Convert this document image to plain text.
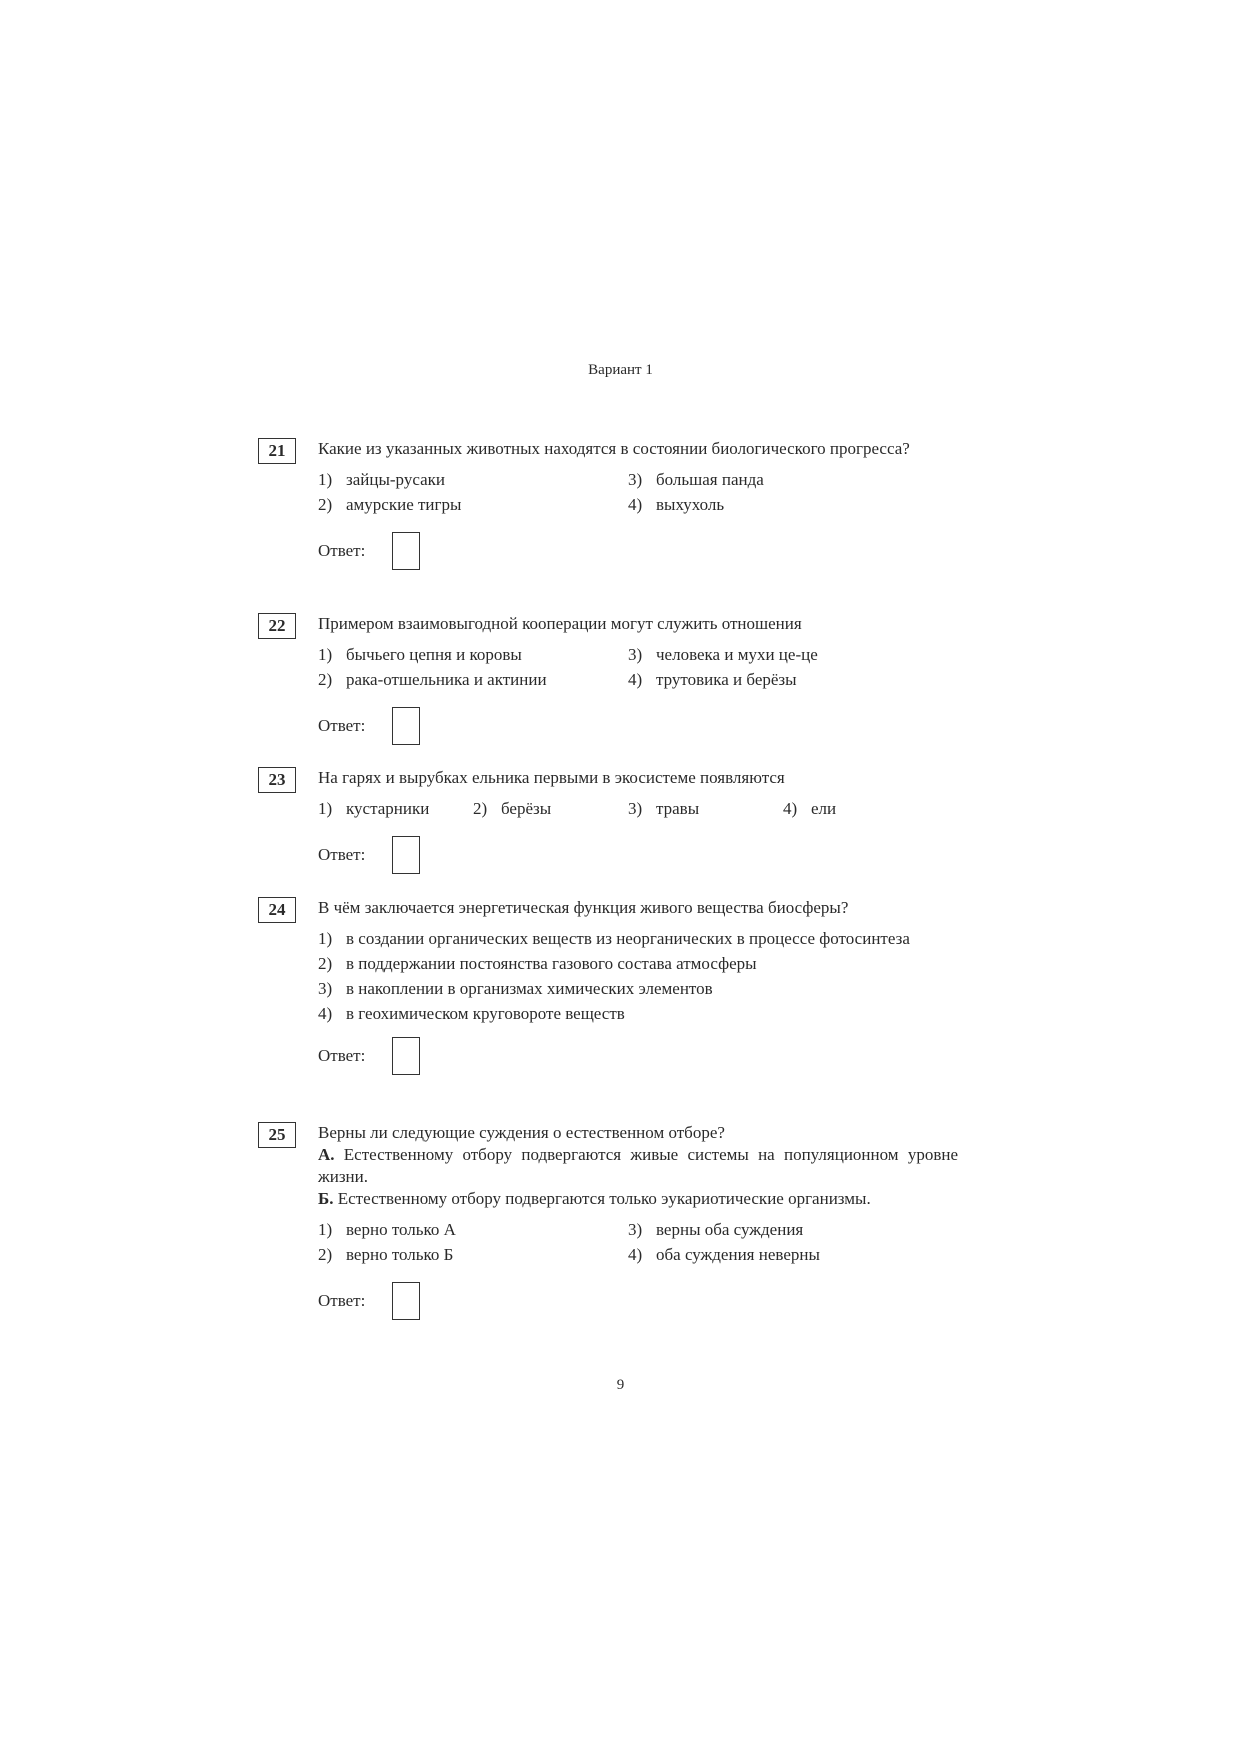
Вариант 1
21	Какие из указанных животных находятся в состоянии биологического прогресса?
1) зайцы-русаки	3) большая панда
2) амурские тигры	4) выхухоль
Ответ:
22	Примером взаимовыгодной кооперации могут служить отношения
1) бычьего цепня и коровы	3) человека и мухи це-це
2) рака-отшельника и актинии	4) трутовика и берёзы
Ответ:
23	На гарях и вырубках ельника первыми в экосистеме появляются
1) кустарники	2) берёзы	3) травы	4) ели
Ответ:
24	В чём заключается энергетическая функция живого вещества биосферы?
1) в создании органических веществ из неорганических в процессе фотосинтеза
2) в поддержании постоянства газового состава атмосферы
3) в накоплении в организмах химических элементов
4) в геохимическом круговороте веществ
Ответ:
25	Верны ли следующие суждения о естественном отборе?
А. Естественному отбору подвергаются живые системы на популяционном уровне жизни.
Б. Естественному отбору подвергаются только эукариотические организмы.
1) верно только А	3) верны оба суждения
2) верно только Б	4) оба суждения неверны
Ответ:
9
